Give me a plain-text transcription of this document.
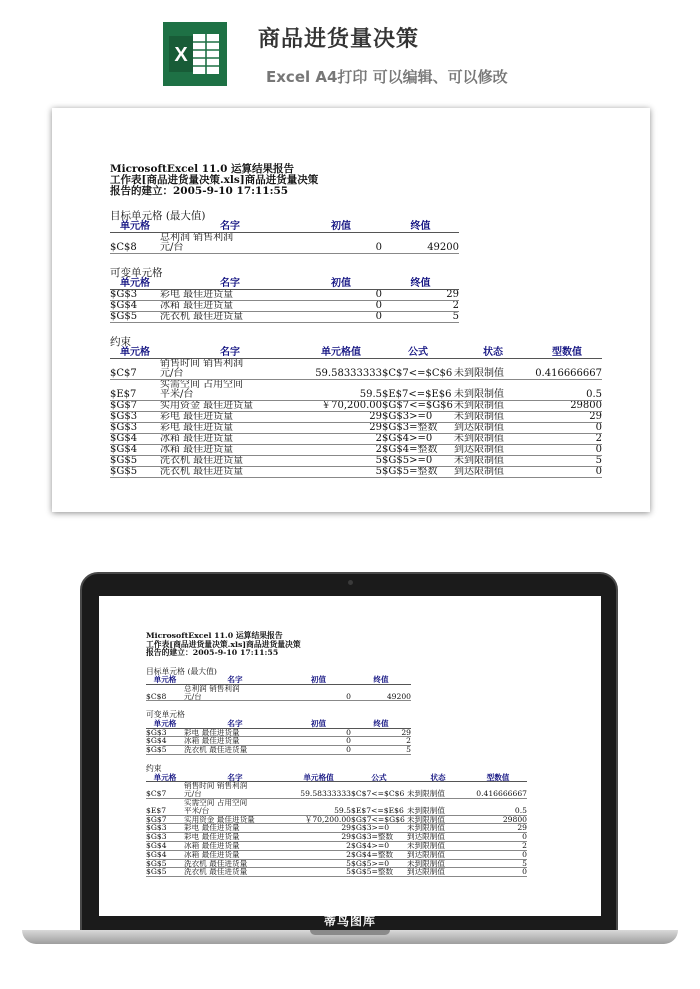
X
商品进货量决策
Excel A4打印 可以编辑、可以修改
MicrosoftExcel 11.0 运算结果报告
工作表[商品进货量决策.xls]商品进货量决策
报告的建立：2005-9-10 17:11:55
目标单元格 (最大值)
单元格	名字	初值	终值
$C$8	总利润 销售利润
元/台	0	49200
可变单元格
单元格	名字	初值	终值
$G$3	彩电 最佳进货量	0	29
$G$4	冰箱 最佳进货量	0	2
$G$5	洗衣机 最佳进货量	0	5
约束
单元格	名字	单元格值	公式	状态	型数值
$C$7	销售时间 销售利润
元/台	59.58333333	$C$7<=$C$6	未到限制值	0.416666667
$E$7	实需空间 占用空间
平米/台	59.5	$E$7<=$E$6	未到限制值	0.5
$G$7	实用资金 最佳进货量	￥70,200.00	$G$7<=$G$6	未到限制值	29800
$G$3	彩电 最佳进货量	29	$G$3>=0	未到限制值	29
$G$3	彩电 最佳进货量	29	$G$3=整数	到达限制值	0
$G$4	冰箱 最佳进货量	2	$G$4>=0	未到限制值	2
$G$4	冰箱 最佳进货量	2	$G$4=整数	到达限制值	0
$G$5	洗衣机 最佳进货量	5	$G$5>=0	未到限制值	5
$G$5	洗衣机 最佳进货量	5	$G$5=整数	到达限制值	0
MicrosoftExcel 11.0 运算结果报告
工作表[商品进货量决策.xls]商品进货量决策
报告的建立：2005-9-10 17:11:55
目标单元格 (最大值)
单元格	名字	初值	终值
$C$8	总利润 销售利润
元/台	0	49200
可变单元格
单元格	名字	初值	终值
$G$3	彩电 最佳进货量	0	29
$G$4	冰箱 最佳进货量	0	2
$G$5	洗衣机 最佳进货量	0	5
约束
单元格	名字	单元格值	公式	状态	型数值
$C$7	销售时间 销售利润
元/台	59.58333333	$C$7<=$C$6	未到限制值	0.416666667
$E$7	实需空间 占用空间
平米/台	59.5	$E$7<=$E$6	未到限制值	0.5
$G$7	实用资金 最佳进货量	￥70,200.00	$G$7<=$G$6	未到限制值	29800
$G$3	彩电 最佳进货量	29	$G$3>=0	未到限制值	29
$G$3	彩电 最佳进货量	29	$G$3=整数	到达限制值	0
$G$4	冰箱 最佳进货量	2	$G$4>=0	未到限制值	2
$G$4	冰箱 最佳进货量	2	$G$4=整数	到达限制值	0
$G$5	洗衣机 最佳进货量	5	$G$5>=0	未到限制值	5
$G$5	洗衣机 最佳进货量	5	$G$5=整数	到达限制值	0
蒂鸟图库
